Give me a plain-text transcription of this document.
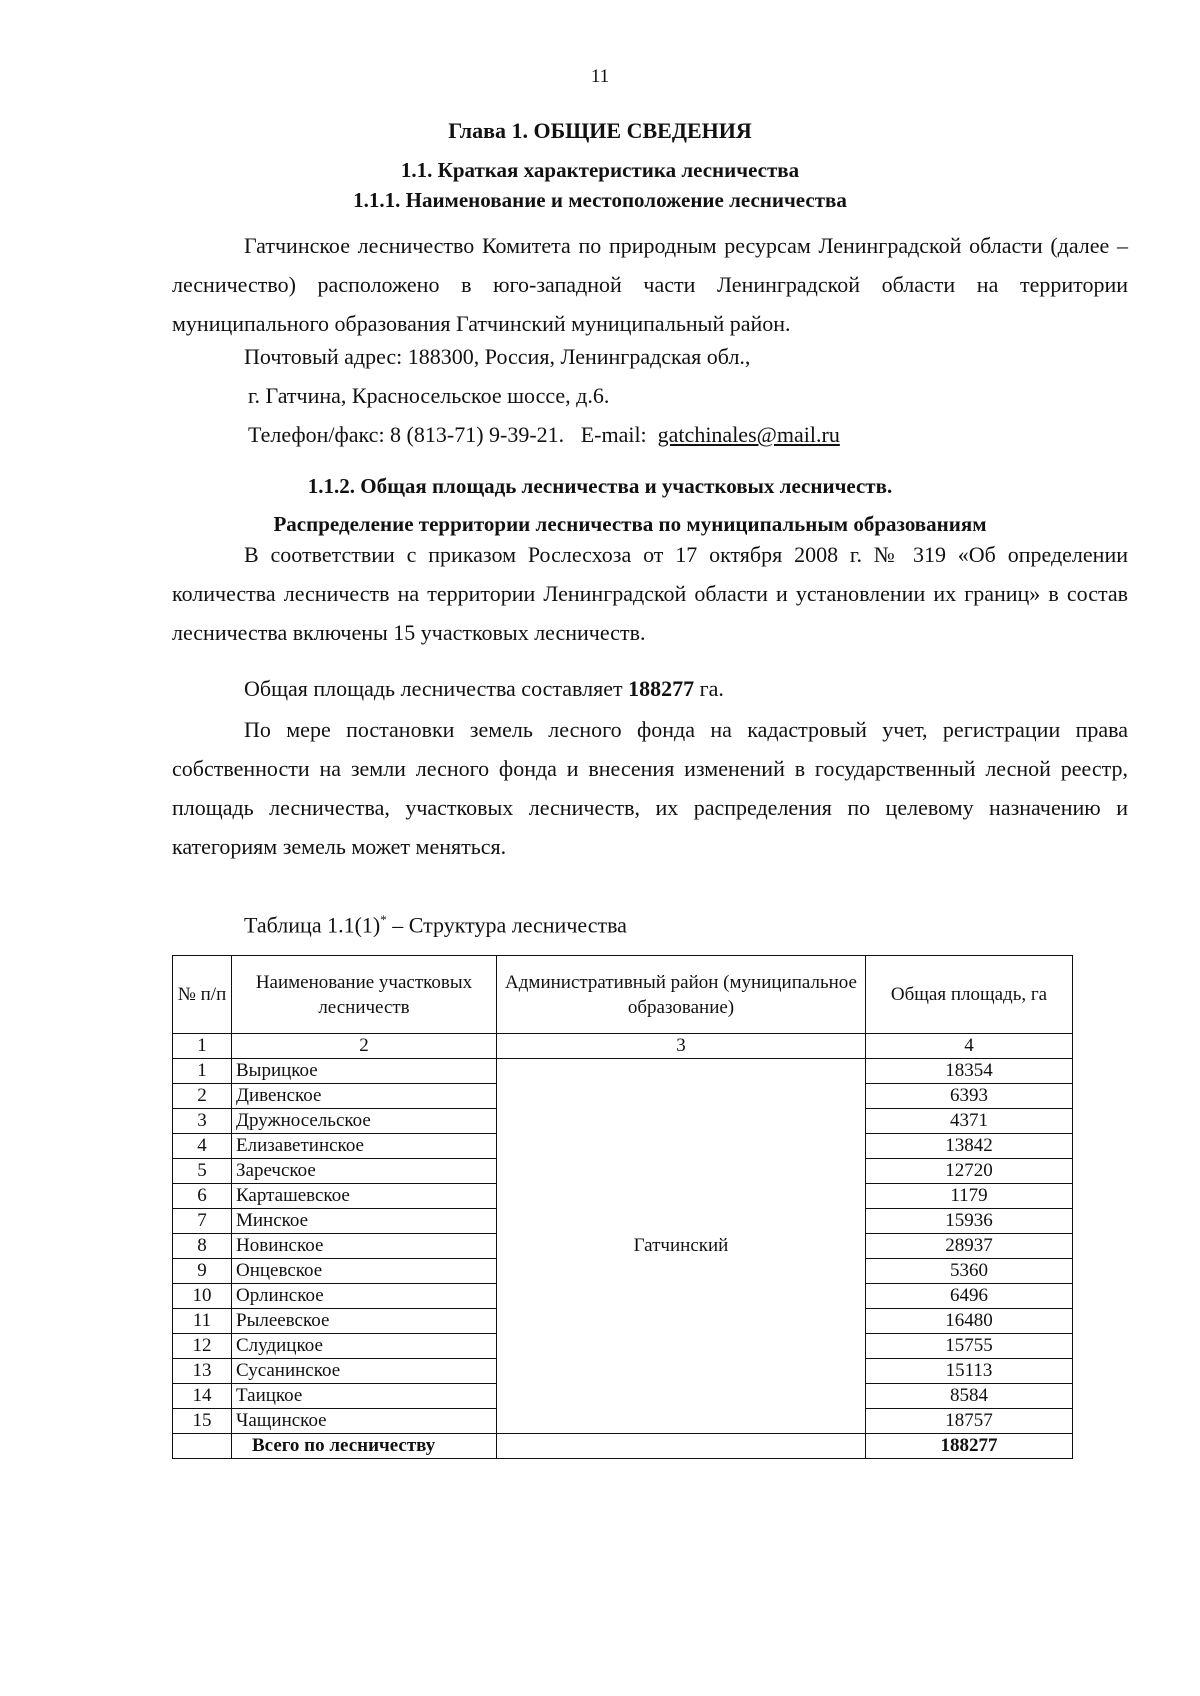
11
Глава 1. ОБЩИЕ СВЕДЕНИЯ
1.1. Краткая характеристика лесничества
1.1.1. Наименование и местоположение лесничества

Гатчинское лесничество Комитета по природным ресурсам Ленинградской области (далее – лесничество) расположено в юго-западной части Ленинградской области на территории муниципального образования Гатчинский муниципальный район.

Почтовый адрес: 188300, Россия, Ленинградская обл.,
г. Гатчина, Красносельское шоссе, д.6.
Телефон/факс: 8 (813-71) 9-39-21. E-mail: gatchinales@mail.ru
1.1.2. Общая площадь лесничества и участковых лесничеств.
Распределение территории лесничества по муниципальным образованиям

В соответствии с приказом Рослесхоза от 17 октября 2008 г. № 319 «Об определении количества лесничеств на территории Ленинградской области и установлении их границ» в состав лесничества включены 15 участковых лесничеств.

Общая площадь лесничества составляет 188277 га.

По мере постановки земель лесного фонда на кадастровый учет, регистрации права собственности на земли лесного фонда и внесения изменений в государственный лесной реестр, площадь лесничества, участковых лесничеств, их распределения по целевому назначению и категориям земель может меняться.

Таблица 1.1(1)* – Структура лесничества
№ п/п	Наименование участковых лесничеств	Административный район (муниципальное образование)	Общая площадь, га
1	2	3	4
1	Вырицкое	Гатчинский	18354
2	Дивенское		6393
3	Дружносельское		4371
4	Елизаветинское		13842
5	Заречское		12720
6	Карташевское		1179
7	Минское		15936
8	Новинское		28937
9	Онцевское		5360
10	Орлинское		6496
11	Рылеевское		16480
12	Слудицкое		15755
13	Сусанинское		15113
14	Таицкое		8584
15	Чащинское		18757
	Всего по лесничеству		188277
